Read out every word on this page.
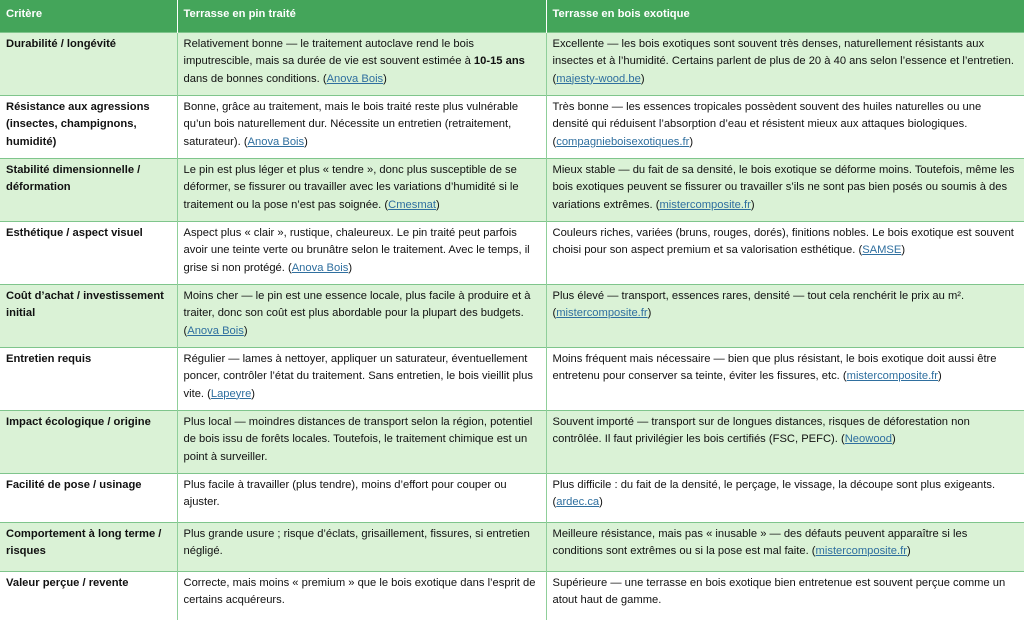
Critère	Terrasse en pin traité	Terrasse en bois exotique
Durabilité / longévité	Relativement bonne — le traitement autoclave rend le bois imputrescible, mais sa durée de vie est souvent estimée à 10-15 ans dans de bonnes conditions. (Anova Bois)	Excellente — les bois exotiques sont souvent très denses, naturellement résistants aux insectes et à l’humidité. Certains parlent de plus de 20 à 40 ans selon l’essence et l’entretien. (majesty-wood.be)
Résistance aux agressions (insectes, champignons, humidité)	Bonne, grâce au traitement, mais le bois traité reste plus vulnérable qu’un bois naturellement dur. Nécessite un entretien (retraitement, saturateur). (Anova Bois)	Très bonne — les essences tropicales possèdent souvent des huiles naturelles ou une densité qui réduisent l’absorption d’eau et résistent mieux aux attaques biologiques. (compagnieboisexotiques.fr)
Stabilité dimensionnelle / déformation	Le pin est plus léger et plus « tendre », donc plus susceptible de se déformer, se fissurer ou travailler avec les variations d’humidité si le traitement ou la pose n’est pas soignée. (Cmesmat)	Mieux stable — du fait de sa densité, le bois exotique se déforme moins. Toutefois, même les bois exotiques peuvent se fissurer ou travailler s’ils ne sont pas bien posés ou soumis à des variations extrêmes. (mistercomposite.fr)
Esthétique / aspect visuel	Aspect plus « clair », rustique, chaleureux. Le pin traité peut parfois avoir une teinte verte ou brunâtre selon le traitement. Avec le temps, il grise si non protégé. (Anova Bois)	Couleurs riches, variées (bruns, rouges, dorés), finitions nobles. Le bois exotique est souvent choisi pour son aspect premium et sa valorisation esthétique. (SAMSE)
Coût d’achat / investissement initial	Moins cher — le pin est une essence locale, plus facile à produire et à traiter, donc son coût est plus abordable pour la plupart des budgets. (Anova Bois)	Plus élevé — transport, essences rares, densité — tout cela renchérit le prix au m². (mistercomposite.fr)
Entretien requis	Régulier — lames à nettoyer, appliquer un saturateur, éventuellement poncer, contrôler l’état du traitement. Sans entretien, le bois vieillit plus vite. (Lapeyre)	Moins fréquent mais nécessaire — bien que plus résistant, le bois exotique doit aussi être entretenu pour conserver sa teinte, éviter les fissures, etc. (mistercomposite.fr)
Impact écologique / origine	Plus local — moindres distances de transport selon la région, potentiel de bois issu de forêts locales. Toutefois, le traitement chimique est un point à surveiller.	Souvent importé — transport sur de longues distances, risques de déforestation non contrôlée. Il faut privilégier les bois certifiés (FSC, PEFC). (Neowood)
Facilité de pose / usinage	Plus facile à travailler (plus tendre), moins d’effort pour couper ou ajuster.	Plus difficile : du fait de la densité, le perçage, le vissage, la découpe sont plus exigeants. (ardec.ca)
Comportement à long terme / risques	Plus grande usure ; risque d’éclats, grisaillement, fissures, si entretien négligé.	Meilleure résistance, mais pas « inusable » — des défauts peuvent apparaître si les conditions sont extrêmes ou si la pose est mal faite. (mistercomposite.fr)
Valeur perçue / revente	Correcte, mais moins « premium » que le bois exotique dans l’esprit de certains acquéreurs.	Supérieure — une terrasse en bois exotique bien entretenue est souvent perçue comme un atout haut de gamme.
